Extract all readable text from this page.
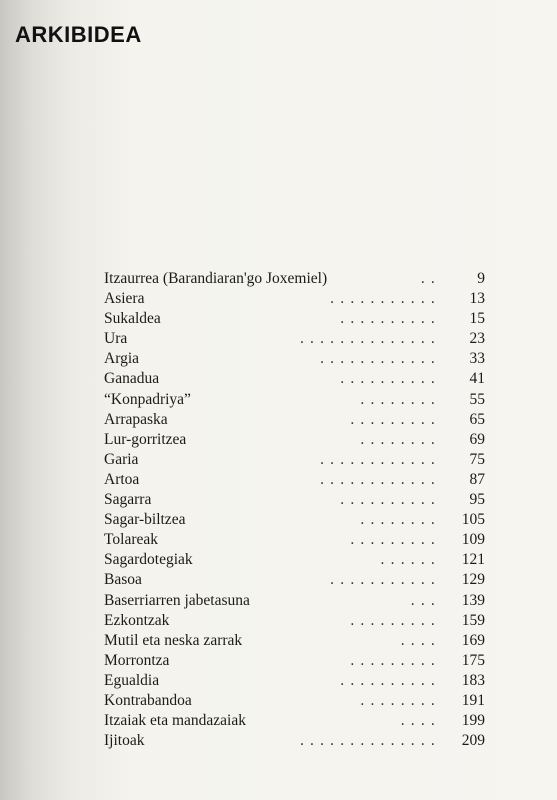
ARKIBIDEA
Itzaurrea (Barandiaran'go Joxemiel)	..	9
Asiera	...........	13
Sukaldea	..........	15
Ura	..............	23
Argia	............	33
Ganadua	..........	41
“Konpadriya”	........	55
Arrapaska	.........	65
Lur-gorritzea	........	69
Garia	............	75
Artoa	............	87
Sagarra	..........	95
Sagar-biltzea	........	105
Tolareak	.........	109
Sagardotegiak	......	121
Basoa	...........	129
Baserriarren jabetasuna	...	139
Ezkontzak	.........	159
Mutil eta neska zarrak	....	169
Morrontza	.........	175
Egualdia	..........	183
Kontrabandoa	........	191
Itzaiak eta mandazaiak	....	199
Ijitoak	..............	209
